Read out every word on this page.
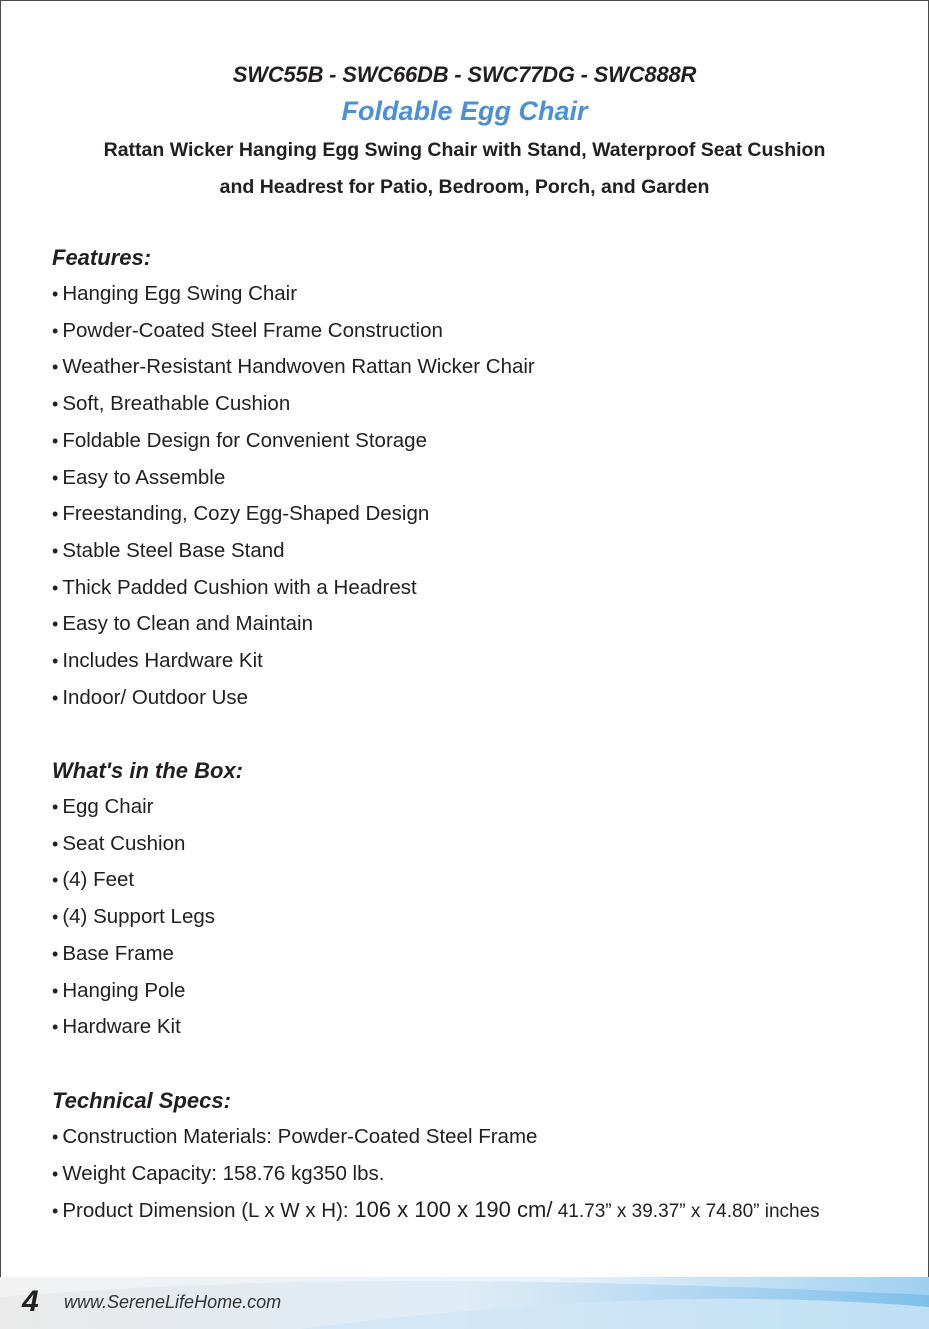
SWC55B - SWC66DB - SWC77DG - SWC888R
Foldable Egg Chair
Rattan Wicker Hanging Egg Swing Chair with Stand, Waterproof Seat Cushion
and Headrest for Patio, Bedroom, Porch, and Garden
Features:
• Hanging Egg Swing Chair
• Powder-Coated Steel Frame Construction
• Weather-Resistant Handwoven Rattan Wicker Chair
• Soft, Breathable Cushion
• Foldable Design for Convenient Storage
• Easy to Assemble
• Freestanding, Cozy Egg-Shaped Design
• Stable Steel Base Stand
• Thick Padded Cushion with a Headrest
• Easy to Clean and Maintain
• Includes Hardware Kit
• Indoor/ Outdoor Use
What's in the Box:
• Egg Chair
• Seat Cushion
• (4) Feet
• (4) Support Legs
• Base Frame
• Hanging Pole
• Hardware Kit
Technical Specs:
• Construction Materials: Powder-Coated Steel Frame
• Weight Capacity: 158.76 kg350 lbs.
• Product Dimension (L x W x H): 106 x 100 x 190 cm/ 41.73” x 39.37” x 74.80” inches
4 www.SereneLifeHome.com
